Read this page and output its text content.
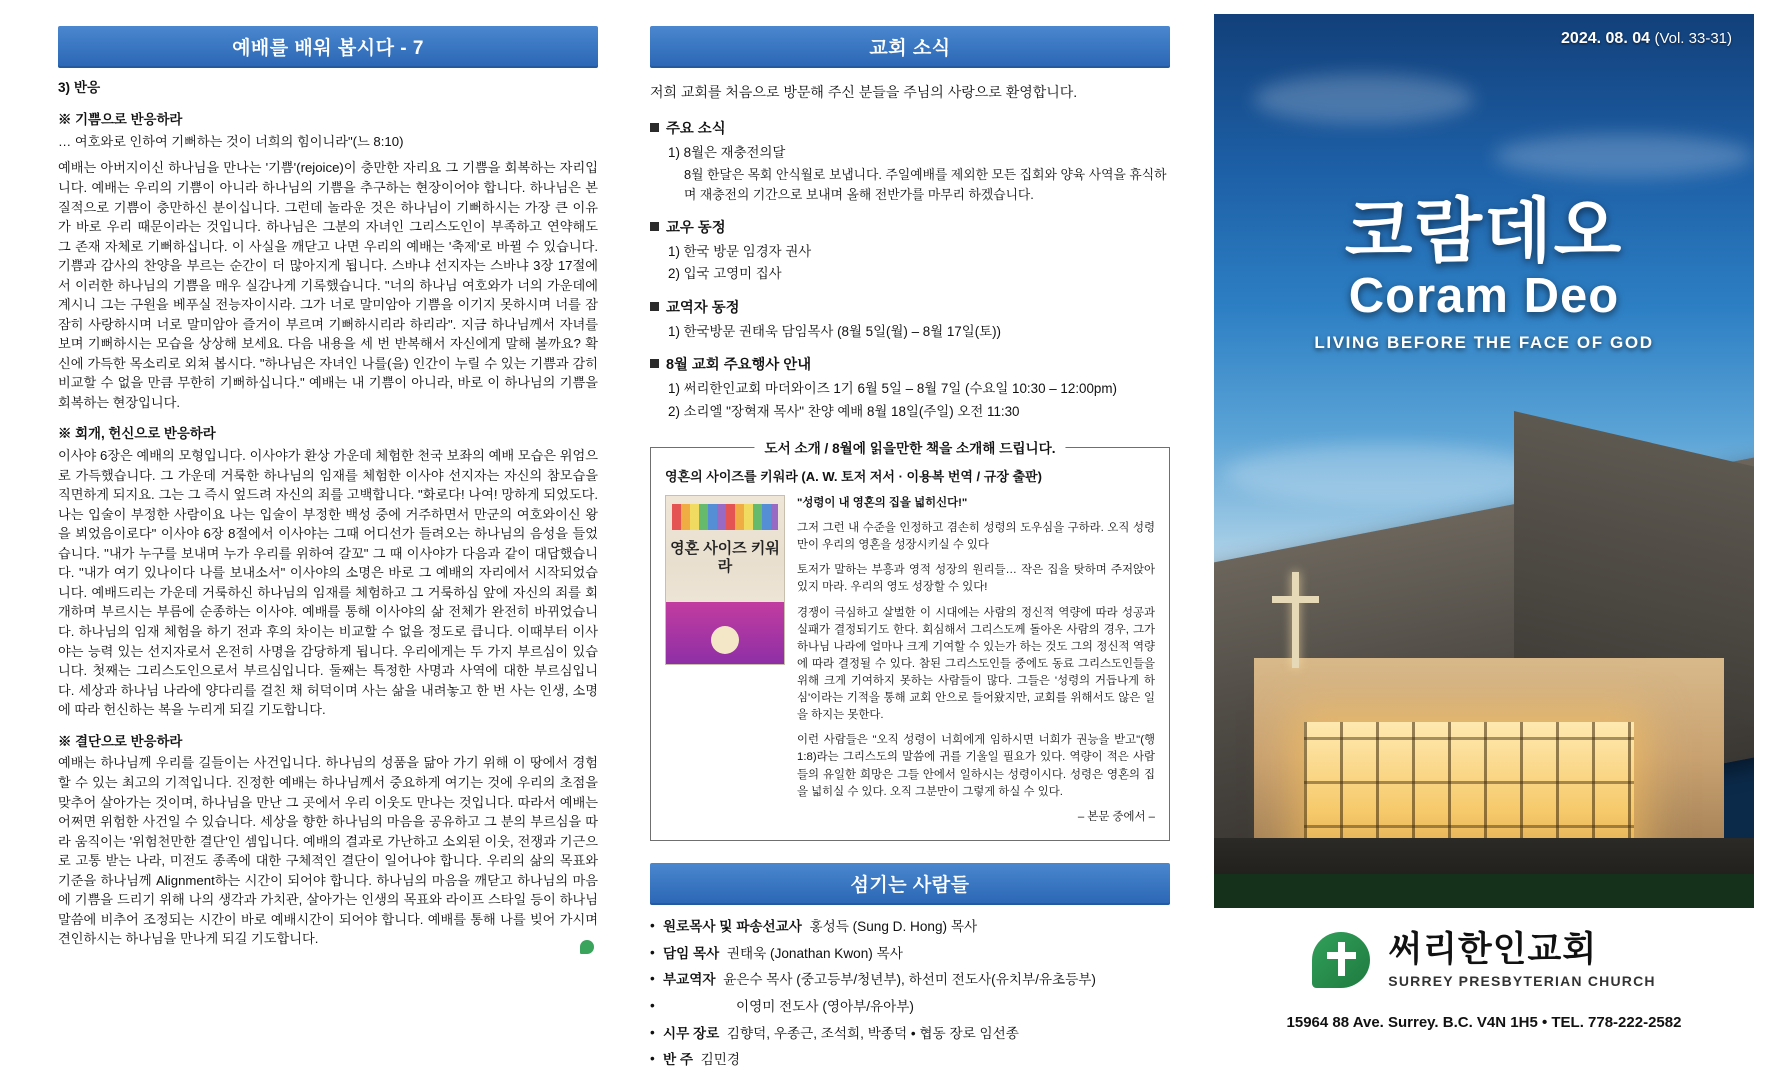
예배를 배워 봅시다 - 7
3) 반응
※ 기쁨으로 반응하라

… 여호와로 인하여 기뻐하는 것이 너희의 힘이니라"(느 8:10)

예배는 아버지이신 하나님을 만나는 '기쁨'(rejoice)이 충만한 자리요 그 기쁨을 회복하는 자리입니다. 예배는 우리의 기쁨이 아니라 하나님의 기쁨을 추구하는 현장이어야 합니다. 하나님은 본질적으로 기쁨이 충만하신 분이십니다. 그런데 놀라운 것은 하나님이 기뻐하시는 가장 큰 이유가 바로 우리 때문이라는 것입니다. 하나님은 그분의 자녀인 그리스도인이 부족하고 연약해도 그 존재 자체로 기뻐하십니다. 이 사실을 깨닫고 나면 우리의 예배는 '축제'로 바뀔 수 있습니다. 기쁨과 감사의 찬양을 부르는 순간이 더 많아지게 됩니다. 스바냐 선지자는 스바냐 3장 17절에서 이러한 하나님의 기쁨을 매우 실감나게 기록했습니다. "너의 하나님 여호와가 너의 가운데에 계시니 그는 구원을 베푸실 전능자이시라. 그가 너로 말미암아 기쁨을 이기지 못하시며 너를 잠잠히 사랑하시며 너로 말미암아 즐거이 부르며 기뻐하시리라 하리라". 지금 하나님께서 자녀를 보며 기뻐하시는 모습을 상상해 보세요. 다음 내용을 세 번 반복해서 자신에게 말해 볼까요? 확신에 가득한 목소리로 외쳐 봅시다. "하나님은 자녀인 나를(을) 인간이 누릴 수 있는 기쁨과 감히 비교할 수 없을 만큼 무한히 기뻐하십니다." 예배는 내 기쁨이 아니라, 바로 이 하나님의 기쁨을 회복하는 현장입니다.

※ 회개, 헌신으로 반응하라

이사야 6장은 예배의 모형입니다. 이사야가 환상 가운데 체험한 천국 보좌의 예배 모습은 위엄으로 가득했습니다. 그 가운데 거룩한 하나님의 임재를 체험한 이사야 선지자는 자신의 참모습을 직면하게 되지요. 그는 그 즉시 엎드려 자신의 죄를 고백합니다. "화로다! 나여! 망하게 되었도다. 나는 입술이 부정한 사람이요 나는 입술이 부정한 백성 중에 거주하면서 만군의 여호와이신 왕을 뵈었음이로다" 이사야 6장 8절에서 이사야는 그때 어디선가 들려오는 하나님의 음성을 들었습니다. "내가 누구를 보내며 누가 우리를 위하여 갈꼬" 그 때 이사야가 다음과 같이 대답했습니다. "내가 여기 있나이다 나를 보내소서" 이사야의 소명은 바로 그 예배의 자리에서 시작되었습니다. 예배드리는 가운데 거룩하신 하나님의 임재를 체험하고 그 거룩하심 앞에 자신의 죄를 회개하며 부르시는 부름에 순종하는 이사야. 예배를 통해 이사야의 삶 전체가 완전히 바뀌었습니다. 하나님의 임재 체험을 하기 전과 후의 차이는 비교할 수 없을 정도로 큽니다. 이때부터 이사야는 능력 있는 선지자로서 온전히 사명을 감당하게 됩니다. 우리에게는 두 가지 부르심이 있습니다. 첫째는 그리스도인으로서 부르심입니다. 둘째는 특정한 사명과 사역에 대한 부르심입니다. 세상과 하나님 나라에 양다리를 걸친 채 허덕이며 사는 삶을 내려놓고 한 번 사는 인생, 소명에 따라 헌신하는 복을 누리게 되길 기도합니다.

※ 결단으로 반응하라

예배는 하나님께 우리를 길들이는 사건입니다. 하나님의 성품을 닮아 가기 위해 이 땅에서 경험할 수 있는 최고의 기적입니다. 진정한 예배는 하나님께서 중요하게 여기는 것에 우리의 초점을 맞추어 살아가는 것이며, 하나님을 만난 그 곳에서 우리 이웃도 만나는 것입니다. 따라서 예배는 어쩌면 위험한 사건일 수 있습니다. 세상을 향한 하나님의 마음을 공유하고 그 분의 부르심을 따라 움직이는 '위험천만한 결단'인 셈입니다. 예배의 결과로 가난하고 소외된 이웃, 전쟁과 기근으로 고통 받는 나라, 미전도 종족에 대한 구체적인 결단이 일어나야 합니다. 우리의 삶의 목표와 기준을 하나님께 Alignment하는 시간이 되어야 합니다. 하나님의 마음을 깨닫고 하나님의 마음에 기쁨을 드리기 위해 나의 생각과 가치관, 살아가는 인생의 목표와 라이프 스타일 등이 하나님 말씀에 비추어 조정되는 시간이 바로 예배시간이 되어야 합니다. 예배를 통해 나를 빚어 가시며 견인하시는 하나님을 만나게 되길 기도합니다.

교회 소식
저희 교회를 처음으로 방문해 주신 분들을 주님의 사랑으로 환영합니다.
주요 소식
1) 8월은 재충전의달
8월 한달은 목회 안식월로 보냅니다. 주일예배를 제외한 모든 집회와 양육 사역을 휴식하며 재충전의 기간으로 보내며 올해 전반가를 마무리 하겠습니다.
교우 동정
1) 한국 방문 임경자 권사
2) 입국 고영미 집사
교역자 동정
1) 한국방문 권태욱 담임목사 (8월 5일(월) – 8월 17일(토))
8월 교회 주요행사 안내
1) 써리한인교회 마더와이즈 1기 6월 5일 – 8월 7일 (수요일 10:30 – 12:00pm)
2) 소리엘 "장혁재 목사" 찬양 예배 8월 18일(주일) 오전 11:30
도서 소개 / 8월에 읽을만한 책을 소개해 드립니다.
영혼의 사이즈를 키워라 (A. W. 토저 저서 · 이용복 번역 / 규장 출판)
영혼 사이즈 키워라

"성령이 내 영혼의 집을 넓히신다!"

그저 그런 내 수준을 인정하고 겸손히 성령의 도우심을 구하라. 오직 성령만이 우리의 영혼을 성장시키실 수 있다

토저가 말하는 부흥과 영적 성장의 원리들… 작은 집을 탓하며 주저앉아 있지 마라. 우리의 영도 성장할 수 있다!

경쟁이 극심하고 살벌한 이 시대에는 사람의 정신적 역량에 따라 성공과 실패가 결정되기도 한다. 회심해서 그리스도께 돌아온 사람의 경우, 그가 하나님 나라에 얼마나 크게 기여할 수 있는가 하는 것도 그의 정신적 역량에 따라 결정될 수 있다. 참된 그리스도인들 중에도 동료 그리스도인들을 위해 크게 기여하지 못하는 사람들이 많다. 그들은 '성령의 거듭나게 하심'이라는 기적을 통해 교회 안으로 들어왔지만, 교회를 위해서도 않은 일을 하지는 못한다.

이런 사람들은 "오직 성령이 너희에게 임하시면 너희가 권능을 받고"(행 1:8)라는 그리스도의 말씀에 귀를 기울일 필요가 있다. 역량이 적은 사람들의 유일한 희망은 그들 안에서 일하시는 성령이시다. 성령은 영혼의 집을 넓히실 수 있다. 오직 그분만이 그렇게 하실 수 있다.

– 본문 중에서 –
섬기는 사람들
• 원로목사 및 파송선교사 홍성득 (Sung D. Hong) 목사
• 담임 목사 권태욱 (Jonathan Kwon) 목사
• 부교역자 윤은수 목사 (중고등부/청년부), 하선미 전도사(유치부/유초등부)
• 이영미 전도사 (영아부/유아부)
• 시무 장로 김향덕, 우종근, 조석희, 박종덕 • 협동 장로 임선종
• 반 주 김민경
2024. 08. 04 (Vol. 33-31)
코람데오
Coram Deo
LIVING BEFORE THE FACE OF GOD
써리한인교회
SURREY PRESBYTERIAN CHURCH
15964 88 Ave. Surrey. B.C. V4N 1H5 • TEL. 778-222-2582
